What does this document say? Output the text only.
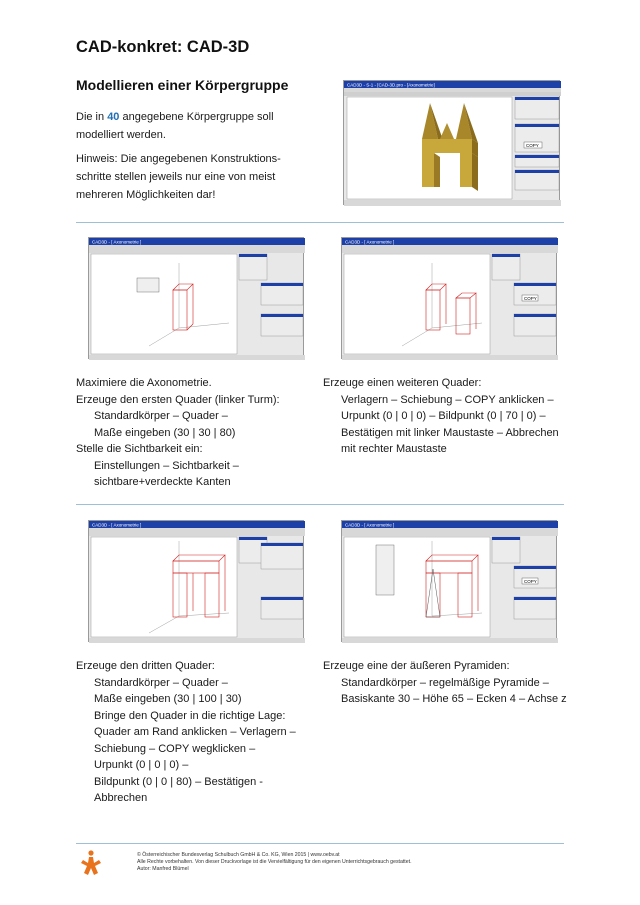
CAD-konkret: CAD-3D
Modellieren einer Körpergruppe
Die in 40 angegebene Körpergruppe soll modelliert werden.
Hinweis: Die angegebenen Konstruktions-schritte stellen jeweils nur eine von meist mehreren Möglichkeiten dar!
CAD3D - S-1 - [CAD-3D.pro - [Axonometrie]
COPY
CAD3D - [ Axonometrie ]	CAD3D - [ Axonometrie ]
COPY
Maximiere die Axonometrie.
Erzeuge den ersten Quader (linker Turm):
Standardkörper – Quader –
Maße eingeben (30 | 30 | 80)
Stelle die Sichtbarkeit ein:
Einstellungen – Sichtbarkeit –
sichtbare+verdeckte Kanten
Erzeuge einen weiteren Quader:
Verlagern – Schiebung – COPY anklicken –
Urpunkt (0 | 0 | 0) – Bildpunkt (0 | 70 | 0) –
Bestätigen mit linker Maustaste – Abbrechen
mit rechter Maustaste
CAD3D - [ Axonometrie ]	CAD3D - [ Axonometrie ]
COPY
Erzeuge den dritten Quader:
Standardkörper – Quader –
Maße eingeben (30 | 100 | 30)
Bringe den Quader in die richtige Lage:
Quader am Rand anklicken – Verlagern –
Schiebung – COPY wegklicken –
Urpunkt (0 | 0 | 0) –
Bildpunkt (0 | 0 | 80) – Bestätigen -
Abbrechen
Erzeuge eine der äußeren Pyramiden:
Standardkörper – regelmäßige Pyramide –
Basiskante 30 – Höhe 65 – Ecken 4 – Achse z
© Österreichischer Bundesverlag Schulbuch GmbH & Co. KG, Wien 2015 | www.oebv.at
Alle Rechte vorbehalten. Von dieser Druckvorlage ist die Vervielfältigung für den eigenen Unterrichtsgebrauch gestattet.
Autor: Manfred Blümel
